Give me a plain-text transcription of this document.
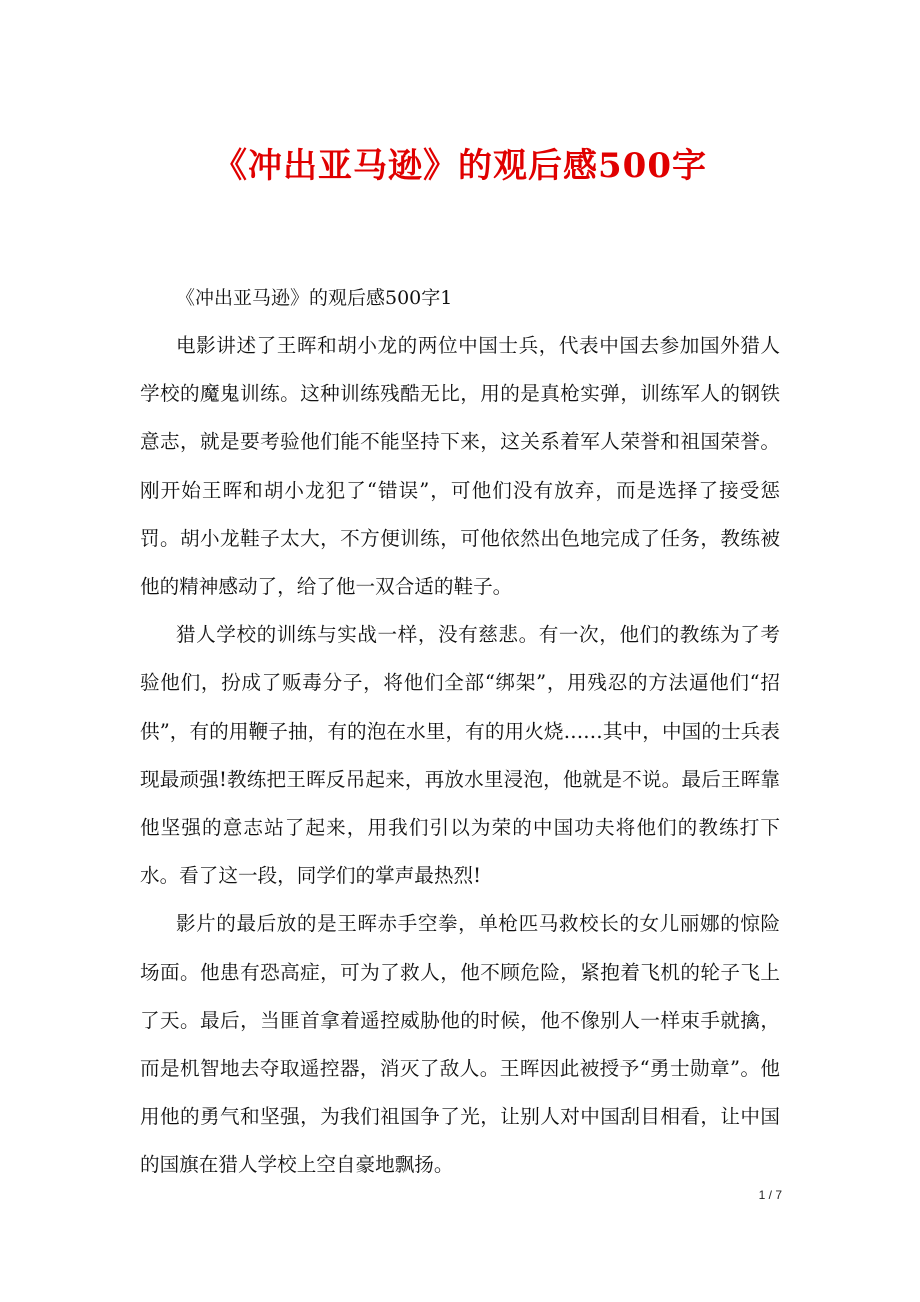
《冲出亚马逊》的观后感500字

《冲出亚马逊》的观后感500字1

电影讲述了王晖和胡小龙的两位中国士兵，代表中国去参加国外猎人学校的魔鬼训练。这种训练残酷无比，用的是真枪实弹，训练军人的钢铁意志，就是要考验他们能不能坚持下来，这关系着军人荣誉和祖国荣誉。刚开始王晖和胡小龙犯了“错误”，可他们没有放弃，而是选择了接受惩罚。胡小龙鞋子太大，不方便训练，可他依然出色地完成了任务，教练被他的精神感动了，给了他一双合适的鞋子。

猎人学校的训练与实战一样，没有慈悲。有一次，他们的教练为了考验他们，扮成了贩毒分子，将他们全部“绑架”，用残忍的方法逼他们“招供”，有的用鞭子抽，有的泡在水里，有的用火烧……其中，中国的士兵表现最顽强!教练把王晖反吊起来，再放水里浸泡，他就是不说。最后王晖靠他坚强的意志站了起来，用我们引以为荣的中国功夫将他们的教练打下水。看了这一段，同学们的掌声最热烈!

影片的最后放的是王晖赤手空拳，单枪匹马救校长的女儿丽娜的惊险场面。他患有恐高症，可为了救人，他不顾危险，紧抱着飞机的轮子飞上了天。最后，当匪首拿着遥控威胁他的时候，他不像别人一样束手就擒，而是机智地去夺取遥控器，消灭了敌人。王晖因此被授予“勇士勋章”。他用他的勇气和坚强，为我们祖国争了光，让别人对中国刮目相看，让中国的国旗在猎人学校上空自豪地飘扬。

1 / 7
